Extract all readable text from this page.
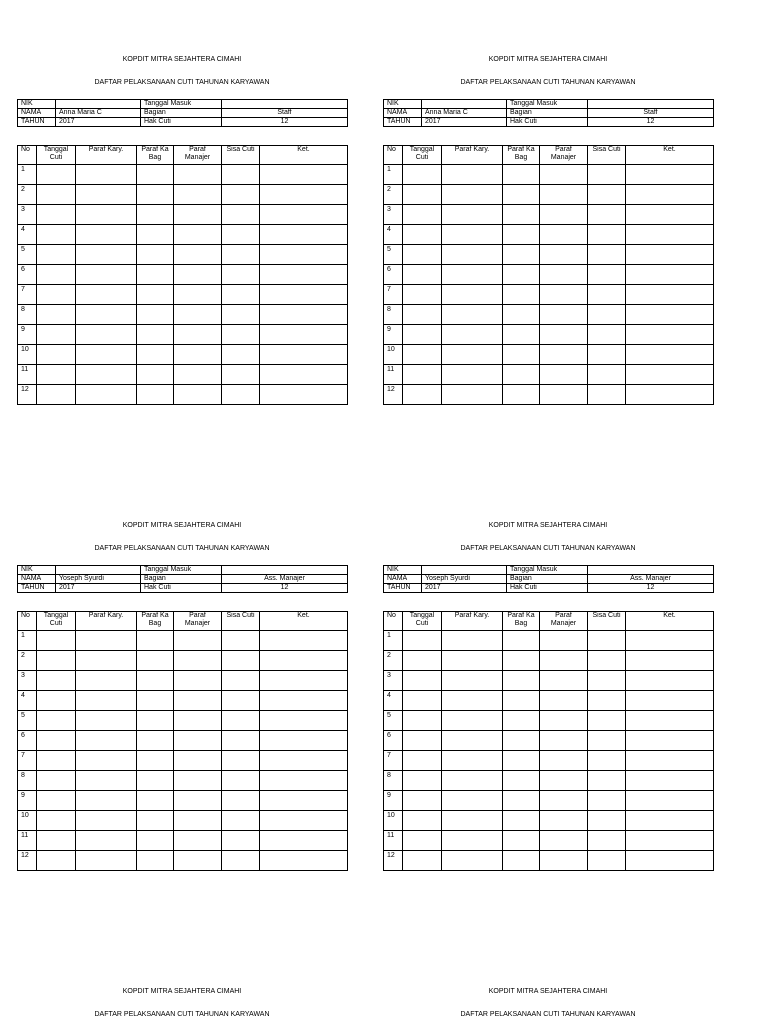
KOPDIT MITRA SEJAHTERA CIMAHI
DAFTAR PELAKSANAAN CUTI TAHUNAN KARYAWAN
NIK		Tanggal Masuk	
NAMA	Anna Maria C	Bagian	Staff
TAHUN	2017	Hak Cuti	12
No	Tanggal Cuti	Paraf Kary.	Paraf Ka Bag	Paraf Manajer	Sisa Cuti	Ket.
1						
2						
3						
4						
5						
6						
7						
8						
9						
10						
11						
12						
KOPDIT MITRA SEJAHTERA CIMAHI
DAFTAR PELAKSANAAN CUTI TAHUNAN KARYAWAN
NIK		Tanggal Masuk	
NAMA	Anna Maria C	Bagian	Staff
TAHUN	2017	Hak Cuti	12
No	Tanggal Cuti	Paraf Kary.	Paraf Ka Bag	Paraf Manajer	Sisa Cuti	Ket.
1						
2						
3						
4						
5						
6						
7						
8						
9						
10						
11						
12						
KOPDIT MITRA SEJAHTERA CIMAHI
DAFTAR PELAKSANAAN CUTI TAHUNAN KARYAWAN
NIK		Tanggal Masuk	
NAMA	Yoseph Syurdi	Bagian	Ass. Manajer
TAHUN	2017	Hak Cuti	12
No	Tanggal Cuti	Paraf Kary.	Paraf Ka Bag	Paraf Manajer	Sisa Cuti	Ket.
1						
2						
3						
4						
5						
6						
7						
8						
9						
10						
11						
12						
KOPDIT MITRA SEJAHTERA CIMAHI
DAFTAR PELAKSANAAN CUTI TAHUNAN KARYAWAN
NIK		Tanggal Masuk	
NAMA	Yoseph Syurdi	Bagian	Ass. Manajer
TAHUN	2017	Hak Cuti	12
No	Tanggal Cuti	Paraf Kary.	Paraf Ka Bag	Paraf Manajer	Sisa Cuti	Ket.
1						
2						
3						
4						
5						
6						
7						
8						
9						
10						
11						
12						
KOPDIT MITRA SEJAHTERA CIMAHI
DAFTAR PELAKSANAAN CUTI TAHUNAN KARYAWAN
KOPDIT MITRA SEJAHTERA CIMAHI
DAFTAR PELAKSANAAN CUTI TAHUNAN KARYAWAN
